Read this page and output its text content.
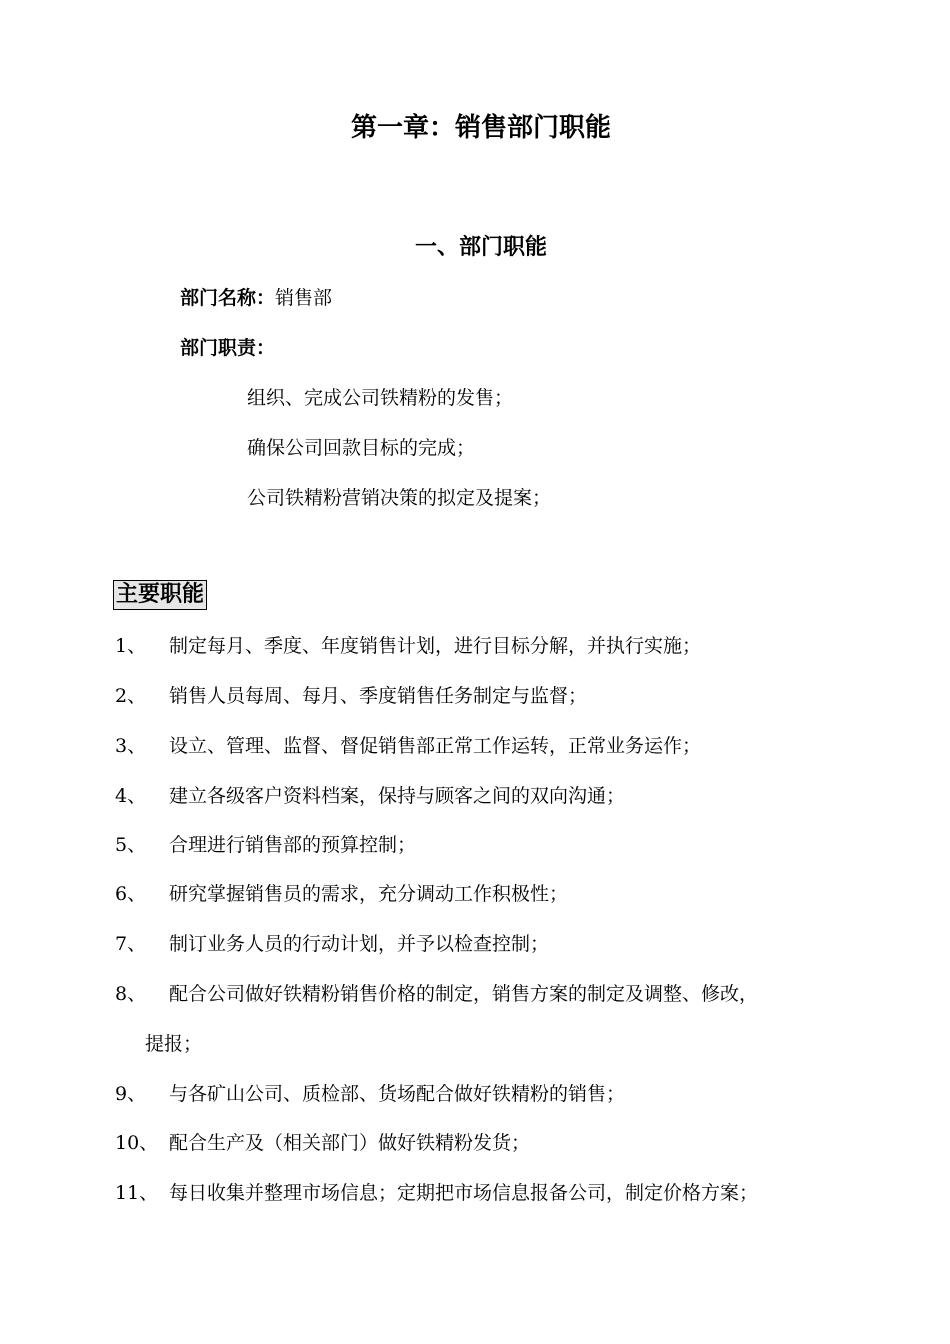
第一章：销售部门职能
一、部门职能
部门名称：销售部
部门职责：
组织、完成公司铁精粉的发售；
确保公司回款目标的完成；
公司铁精粉营销决策的拟定及提案；
主要职能
1、 制定每月、季度、年度销售计划，进行目标分解，并执行实施；
2、 销售人员每周、每月、季度销售任务制定与监督；
3、 设立、管理、监督、督促销售部正常工作运转，正常业务运作；
4、 建立各级客户资料档案，保持与顾客之间的双向沟通；
5、 合理进行销售部的预算控制；
6、 研究掌握销售员的需求，充分调动工作积极性；
7、 制订业务人员的行动计划，并予以检查控制；
8、 配合公司做好铁精粉销售价格的制定，销售方案的制定及调整、修改，
提报；
9、 与各矿山公司、质检部、货场配合做好铁精粉的销售；
10、 配合生产及（相关部门）做好铁精粉发货；
11、 每日收集并整理市场信息；定期把市场信息报备公司，制定价格方案；
